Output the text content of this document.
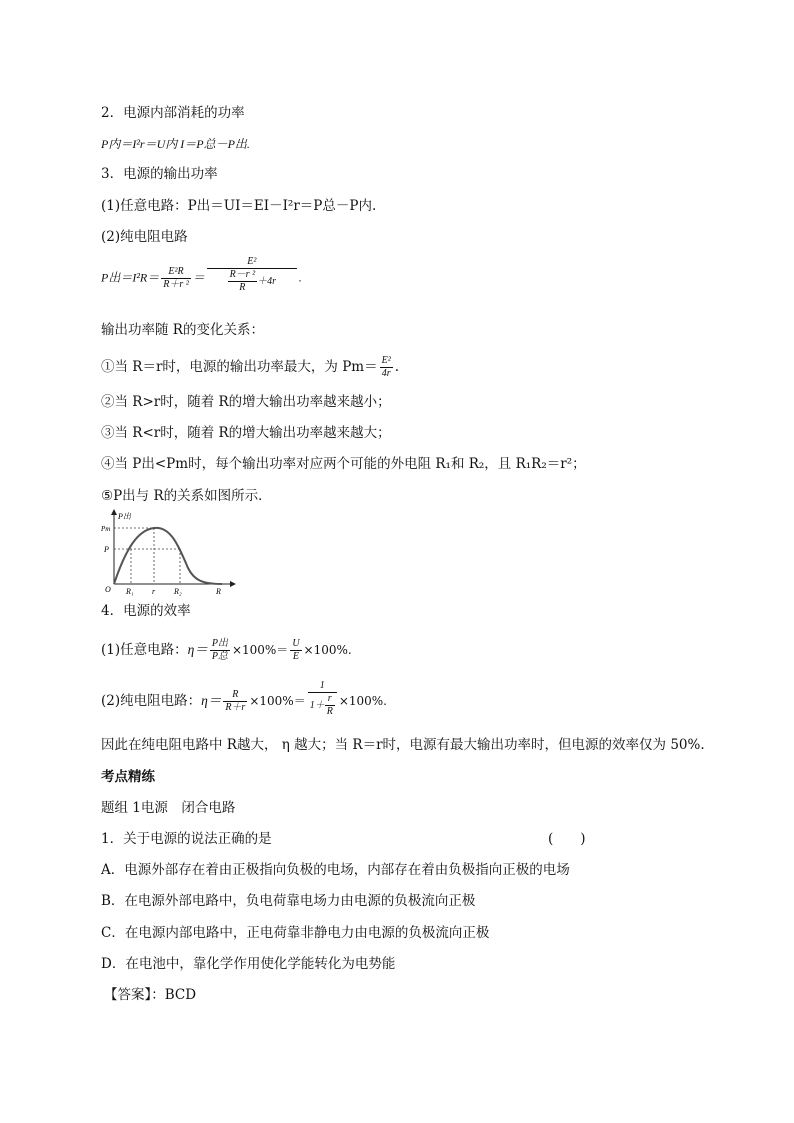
2．电源内部消耗的功率
P内＝I²r＝U内 I＝P总－P出.
3．电源的输出功率
(1)任意电路：P出＝UI＝EI－I²r＝P总－P内.
(2)纯电阻电路
P出$=I^2R= \frac{\text{E²R}}{\text{R＋r ²}} = \frac{\text{E²}}{\frac{\text{R－r ²}}{R} +4r}$ .
输出功率随 R的变化关系：
①当 R＝r时，电源的输出功率最大，为 $Pm= \frac{\text{E²}}{4r}$ .
②当 R>r时，随着 R的增大输出功率越来越小；
③当 R<r时，随着 R的增大输出功率越来越大；
④当 P出<Pm时，每个输出功率对应两个可能的外电阻 R₁和 R₂，且 R₁R₂＝r²；
⑤P出与 R的关系如图所示．
P出
Pm
P
O R₁ r R₂	R
4．电源的效率
(1)任意电路：$\eta= \frac{\text{P出}}{\text{P总}} \times 100\%= \frac{U}{E} \times 100\%$.
(2)纯电阻电路：$\eta= \frac{R}{R+r} \times 100\%= \frac{1}{1+ \frac{r}{R}} \times 100\%$.
因此在纯电阻电路中 R越大， η 越大；当 R＝r时，电源有最大输出功率时，但电源的效率仅为 50%.
考点精练
题组 1电源　闭合电路
1．关于电源的说法正确的是	(　　)
A．电源外部存在着由正极指向负极的电场，内部存在着由负极指向正极的电场
B．在电源外部电路中，负电荷靠电场力由电源的负极流向正极
C．在电源内部电路中，正电荷靠非静电力由电源的负极流向正极
D．在电池中，靠化学作用使化学能转化为电势能
【答案】：BCD
